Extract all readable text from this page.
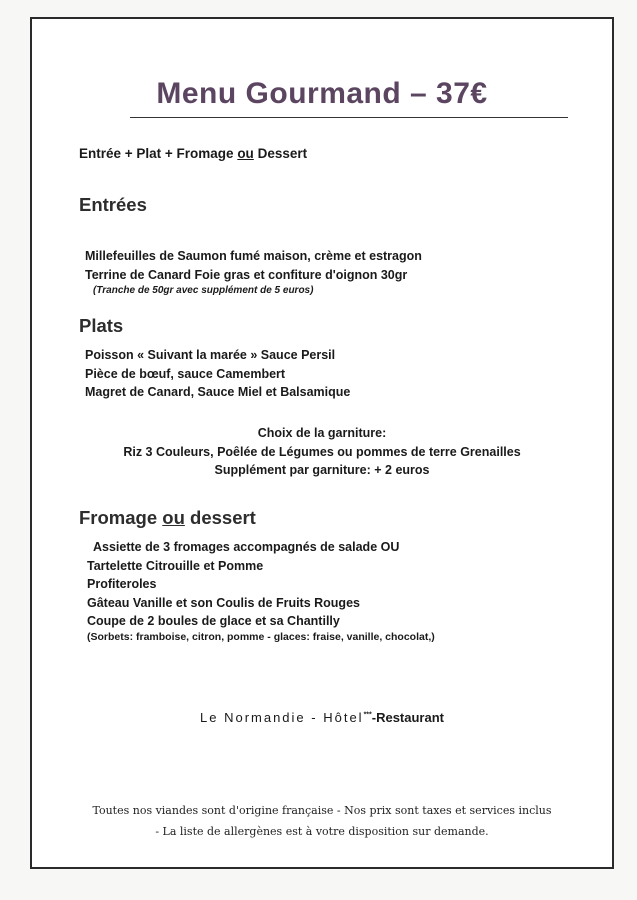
Menu Gourmand – 37€
Entrée + Plat + Fromage ou Dessert
Entrées
Millefeuilles de Saumon fumé maison, crème et estragon
Terrine de Canard Foie gras et confiture d'oignon 30gr
(Tranche de 50gr avec supplément de 5 euros)
Plats
Poisson « Suivant la marée » Sauce Persil
Pièce de bœuf, sauce Camembert
Magret de Canard, Sauce Miel et Balsamique
Choix de la garniture:
Riz 3 Couleurs, Poêlée de Légumes ou pommes de terre Grenailles
Supplément par garniture: + 2 euros
Fromage ou dessert
Assiette de 3 fromages accompagnés de salade OU
Tartelette Citrouille et Pomme
Profiteroles
Gâteau Vanille et son Coulis de Fruits Rouges
Coupe de 2 boules de glace et sa Chantilly
(Sorbets: framboise, citron, pomme - glaces: fraise, vanille, chocolat,)
Le Normandie - Hôtel***-Restaurant
Toutes nos viandes sont d'origine française - Nos prix sont taxes et services inclus
- La liste de allergènes est à votre disposition sur demande.
